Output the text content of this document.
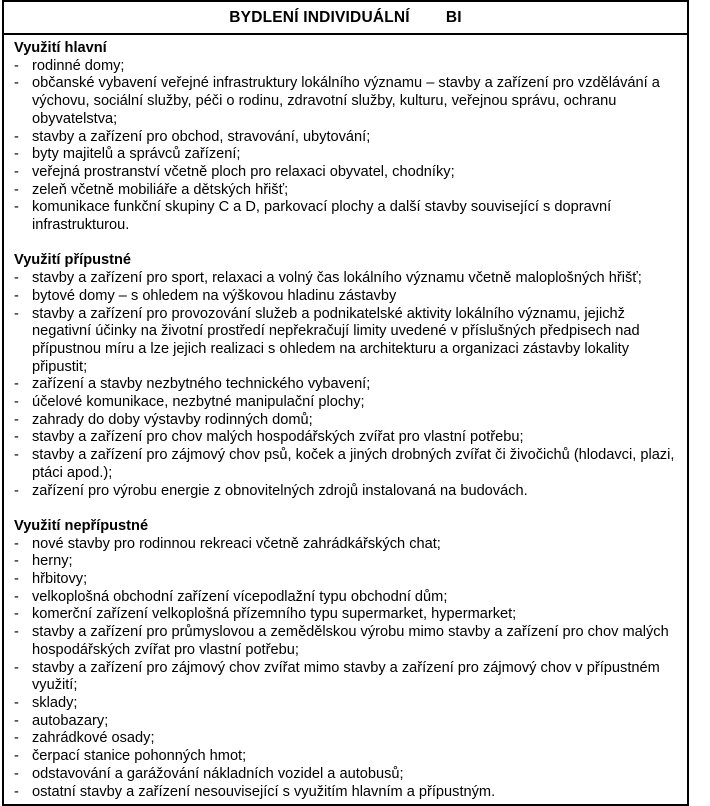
BYDLENÍ INDIVIDUÁLNÍ BI
Využití hlavní
- rodinné domy;
- občanské vybavení veřejné infrastruktury lokálního významu – stavby a zařízení pro vzdělávání a výchovu, sociální služby, péči o rodinu, zdravotní služby, kulturu, veřejnou správu, ochranu obyvatelstva;
- stavby a zařízení pro obchod, stravování, ubytování;
- byty majitelů a správců zařízení;
- veřejná prostranství včetně ploch pro relaxaci obyvatel, chodníky;
- zeleň včetně mobiliáře a dětských hřišť;
- komunikace funkční skupiny C a D, parkovací plochy a další stavby související s dopravní infrastrukturou.
Využití přípustné
- stavby a zařízení pro sport, relaxaci a volný čas lokálního významu včetně maloplošných hřišť;
- bytové domy – s ohledem na výškovou hladinu zástavby
- stavby a zařízení pro provozování služeb a podnikatelské aktivity lokálního významu, jejichž negativní účinky na životní prostředí nepřekračují limity uvedené v příslušných předpisech nad přípustnou míru a lze jejich realizaci s ohledem na architekturu a organizaci zástavby lokality připustit;
- zařízení a stavby nezbytného technického vybavení;
- účelové komunikace, nezbytné manipulační plochy;
- zahrady do doby výstavby rodinných domů;
- stavby a zařízení pro chov malých hospodářských zvířat pro vlastní potřebu;
- stavby a zařízení pro zájmový chov psů, koček a jiných drobných zvířat či živočichů (hlodavci, plazi, ptáci apod.);
- zařízení pro výrobu energie z obnovitelných zdrojů instalovaná na budovách.
Využití nepřípustné
- nové stavby pro rodinnou rekreaci včetně zahrádkářských chat;
- herny;
- hřbitovy;
- velkoplošná obchodní zařízení vícepodlažní typu obchodní dům;
- komerční zařízení velkoplošná přízemního typu supermarket, hypermarket;
- stavby a zařízení pro průmyslovou a zemědělskou výrobu mimo stavby a zařízení pro chov malých hospodářských zvířat pro vlastní potřebu;
- stavby a zařízení pro zájmový chov zvířat mimo stavby a zařízení pro zájmový chov v přípustném využití;
- sklady;
- autobazary;
- zahrádkové osady;
- čerpací stanice pohonných hmot;
- odstavování a garážování nákladních vozidel a autobusů;
- ostatní stavby a zařízení nesouvisející s využitím hlavním a přípustným.
